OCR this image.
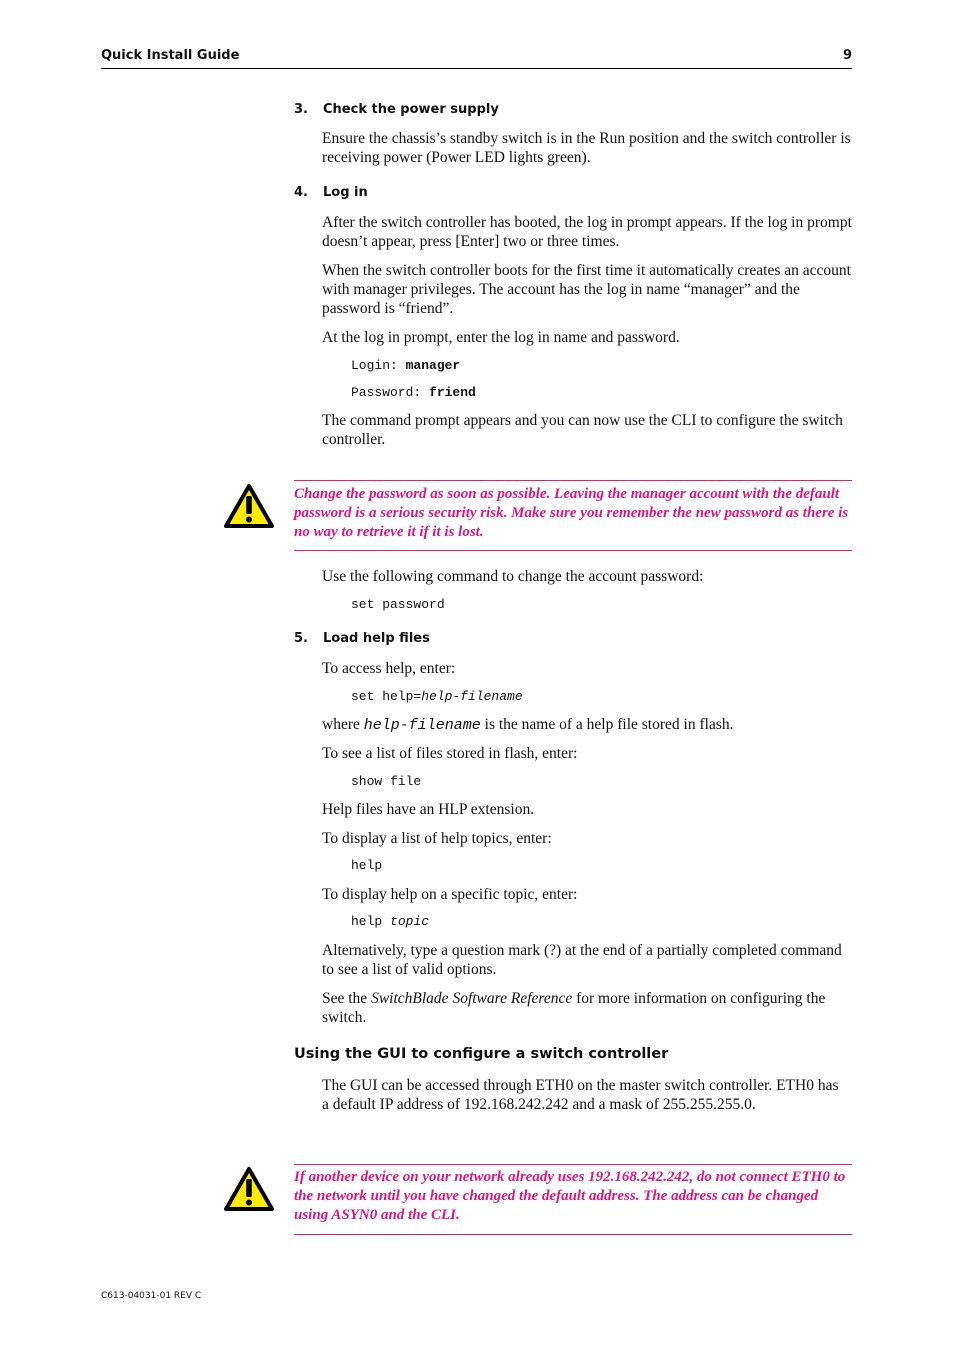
Quick Install Guide	9
3. Check the power supply
Ensure the chassis’s standby switch is in the Run position and the switch controller is receiving power (Power LED lights green).
4. Log in
After the switch controller has booted, the log in prompt appears. If the log in prompt doesn’t appear, press [Enter] two or three times.
When the switch controller boots for the first time it automatically creates an account with manager privileges. The account has the log in name “manager” and the password is “friend”.
At the log in prompt, enter the log in name and password.
Login: manager
Password: friend
The command prompt appears and you can now use the CLI to configure the switch controller.
Change the password as soon as possible. Leaving the manager account with the default password is a serious security risk. Make sure you remember the new password as there is no way to retrieve it if it is lost.
Use the following command to change the account password:
set password
5. Load help files
To access help, enter:
set help=help-filename
where help-filename is the name of a help file stored in flash.
To see a list of files stored in flash, enter:
show file
Help files have an HLP extension.
To display a list of help topics, enter:
help
To display help on a specific topic, enter:
help topic
Alternatively, type a question mark (?) at the end of a partially completed command to see a list of valid options.
See the SwitchBlade Software Reference for more information on configuring the switch.
Using the GUI to configure a switch controller
The GUI can be accessed through ETH0 on the master switch controller. ETH0 has a default IP address of 192.168.242.242 and a mask of 255.255.255.0.
If another device on your network already uses 192.168.242.242, do not connect ETH0 to the network until you have changed the default address. The address can be changed using ASYN0 and the CLI.
C613-04031-01 REV C
